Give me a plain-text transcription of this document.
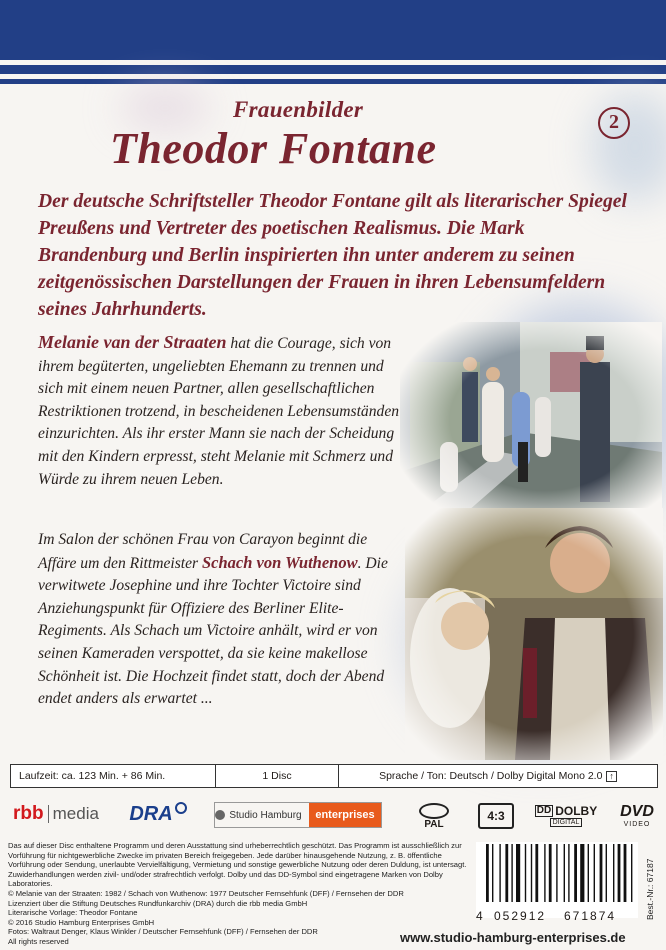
Frauenbilder
Theodor Fontane
2
Der deutsche Schriftsteller Theodor Fontane gilt als literarischer Spiegel Preußens und Vertreter des poetischen Realismus. Die Mark Brandenburg und Berlin inspirierten ihn unter anderem zu seinen zeitgenössischen Darstellungen der Frauen in ihren Lebensumfeldern seines Jahrhunderts.
Melanie van der Straaten hat die Courage, sich von ihrem begüterten, ungeliebten Ehemann zu trennen und sich mit einem neuen Partner, allen gesellschaftlichen Restriktionen trotzend, in bescheidenen Lebensumständen einzurichten. Als ihr erster Mann sie nach der Scheidung mit den Kindern erpresst, steht Melanie mit Schmerz und Würde zu ihrem neuen Leben.
Im Salon der schönen Frau von Carayon beginnt die Affäre um den Rittmeister Schach von Wuthenow. Die verwitwete Josephine und ihre Tochter Victoire sind Anziehungspunkt für Offiziere des Berliner Elite-Regiments. Als Schach um Victoire anhält, wird er von seinen Kameraden verspottet, da sie keine makellose Schönheit ist. Die Hochzeit findet statt, doch der Abend endet anders als erwartet ...
Laufzeit: ca. 123 Min. + 86 Min.	1 Disc	Sprache / Ton: Deutsch / Dolby Digital Mono 2.0 ↑
rbb media DRA	Studio Hamburg	enterprises
PAL
4:3	DD DOLBY
DIGITAL
DVD
VIDEO
Das auf dieser Disc enthaltene Programm und deren Ausstattung sind urheberrechtlich geschützt. Das Programm ist ausschließlich zur Vorführung für nichtgewerbliche Zwecke im privaten Bereich freigegeben. Jede darüber hinausgehende Nutzung, z. B. öffentliche Vorführung oder Sendung, unerlaubte Vervielfältigung, Vermietung und sonstige gewerbliche Nutzung oder deren Duldung, ist untersagt. Zuwiderhandlungen werden zivil- und/oder strafrechtlich verfolgt. Dolby und das DD-Symbol sind eingetragene Marken von Dolby Laboratories.
© Melanie van der Straaten: 1982 / Schach von Wuthenow: 1977 Deutscher Fernsehfunk (DFF) / Fernsehen der DDR
Lizenziert über die Stiftung Deutsches Rundfunkarchiv (DRA) durch die rbb media GmbH
Literarische Vorlage: Theodor Fontane
© 2016 Studio Hamburg Enterprises GmbH
Fotos: Waltraut Denger, Klaus Winkler / Deutscher Fernsehfunk (DFF) / Fernsehen der DDR
All rights reserved
4 052912 671874	Best.-Nr.: 67187
www.studio-hamburg-enterprises.de
